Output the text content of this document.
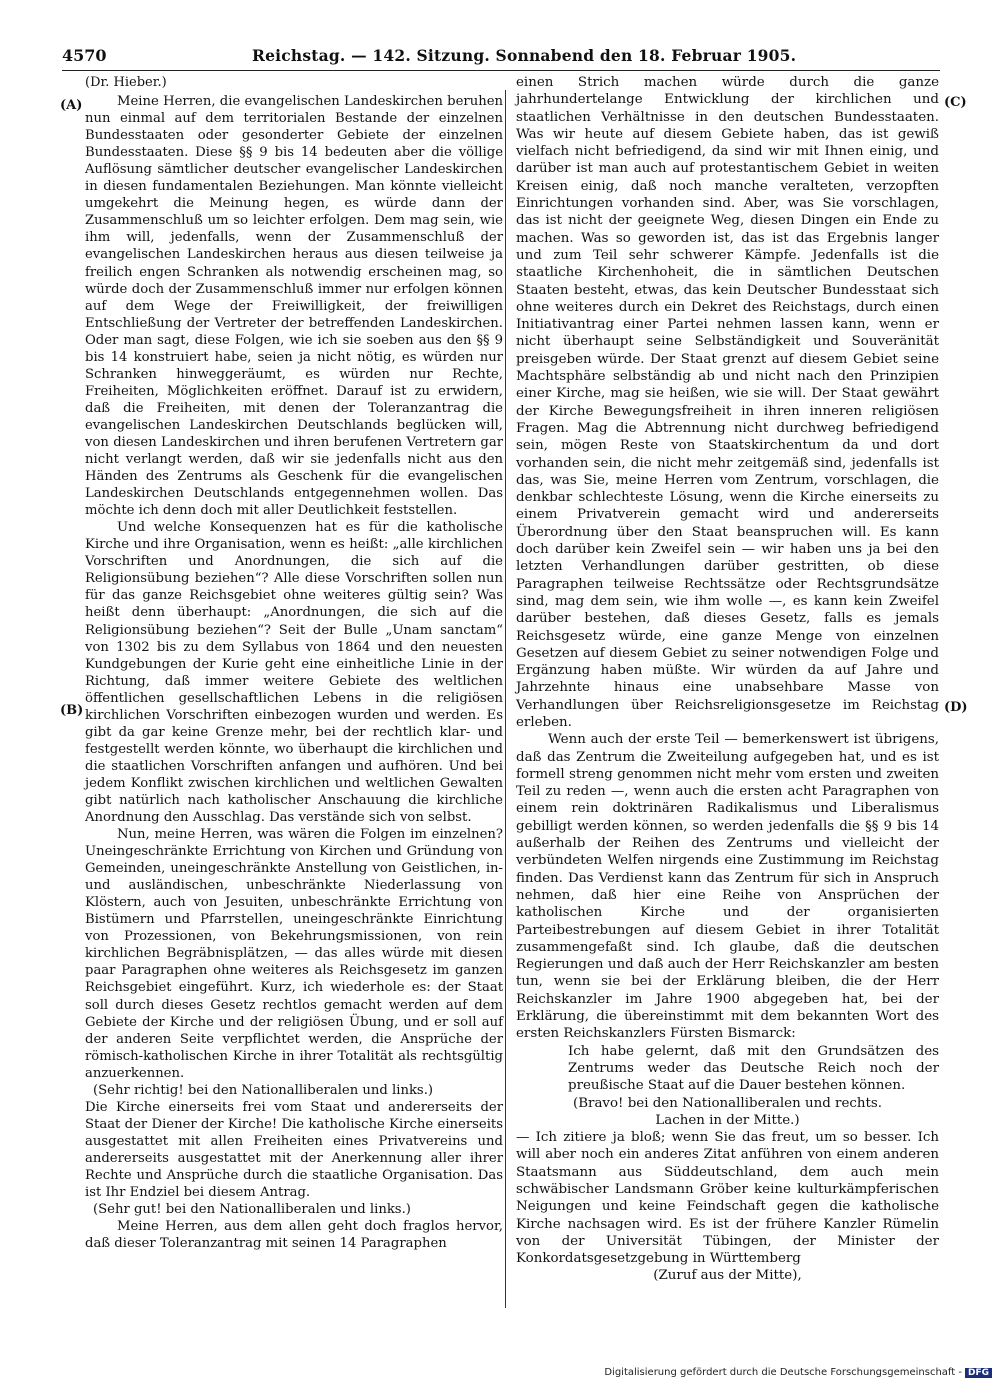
4570	Reichstag. — 142. Sitzung. Sonnabend den 18. Februar 1905.
(A)
(B)
(C)
(D)

(Dr. Hieber.)

Meine Herren, die evangelischen Landeskirchen beruhen nun einmal auf dem territorialen Bestande der einzelnen Bundesstaaten oder gesonderter Gebiete der einzelnen Bundesstaaten. Diese §§ 9 bis 14 bedeuten aber die völlige Auflösung sämtlicher deutscher evangelischer Landeskirchen in diesen fundamentalen Beziehungen. Man könnte vielleicht umgekehrt die Meinung hegen, es würde dann der Zusammenschluß um so leichter erfolgen. Dem mag sein, wie ihm will, jedenfalls, wenn der Zusammenschluß der evangelischen Landeskirchen heraus aus diesen teilweise ja freilich engen Schranken als notwendig erscheinen mag, so würde doch der Zusammenschluß immer nur erfolgen können auf dem Wege der Freiwilligkeit, der freiwilligen Entschließung der Vertreter der betreffenden Landeskirchen. Oder man sagt, diese Folgen, wie ich sie soeben aus den §§ 9 bis 14 konstruiert habe, seien ja nicht nötig, es würden nur Schranken hinweggeräumt, es würden nur Rechte, Freiheiten, Möglichkeiten eröffnet. Darauf ist zu erwidern, daß die Freiheiten, mit denen der Toleranzantrag die evangelischen Landeskirchen Deutschlands beglücken will, von diesen Landeskirchen und ihren berufenen Vertretern gar nicht verlangt werden, daß wir sie jedenfalls nicht aus den Händen des Zentrums als Geschenk für die evangelischen Landeskirchen Deutschlands entgegennehmen wollen. Das möchte ich denn doch mit aller Deutlichkeit feststellen.

Und welche Konsequenzen hat es für die katholische Kirche und ihre Organisation, wenn es heißt: „alle kirchlichen Vorschriften und Anordnungen, die sich auf die Religionsübung beziehen“? Alle diese Vorschriften sollen nun für das ganze Reichsgebiet ohne weiteres gültig sein? Was heißt denn überhaupt: „Anordnungen, die sich auf die Religionsübung beziehen“? Seit der Bulle „Unam sanctam“ von 1302 bis zu dem Syllabus von 1864 und den neuesten Kundgebungen der Kurie geht eine einheitliche Linie in der Richtung, daß immer weitere Gebiete des weltlichen öffentlichen gesellschaftlichen Lebens in die religiösen kirchlichen Vorschriften einbezogen wurden und werden. Es gibt da gar keine Grenze mehr, bei der rechtlich klar- und festgestellt werden könnte, wo überhaupt die kirchlichen und die staatlichen Vorschriften anfangen und aufhören. Und bei jedem Konflikt zwischen kirchlichen und weltlichen Gewalten gibt natürlich nach katholischer Anschauung die kirchliche Anordnung den Ausschlag. Das verstände sich von selbst.

Nun, meine Herren, was wären die Folgen im einzelnen? Uneingeschränkte Errichtung von Kirchen und Gründung von Gemeinden, uneingeschränkte Anstellung von Geistlichen, in- und ausländischen, unbeschränkte Niederlassung von Klöstern, auch von Jesuiten, unbeschränkte Errichtung von Bistümern und Pfarrstellen, uneingeschränkte Einrichtung von Prozessionen, von Bekehrungsmissionen, von rein kirchlichen Begräbnisplätzen, — das alles würde mit diesen paar Paragraphen ohne weiteres als Reichsgesetz im ganzen Reichsgebiet eingeführt. Kurz, ich wiederhole es: der Staat soll durch dieses Gesetz rechtlos gemacht werden auf dem Gebiete der Kirche und der religiösen Übung, und er soll auf der anderen Seite verpflichtet werden, die Ansprüche der römisch-katholischen Kirche in ihrer Totalität als rechtsgültig anzuerkennen.

(Sehr richtig! bei den Nationalliberalen und links.)

Die Kirche einerseits frei vom Staat und andererseits der Staat der Diener der Kirche! Die katholische Kirche einerseits ausgestattet mit allen Freiheiten eines Privatvereins und andererseits ausgestattet mit der Anerkennung aller ihrer Rechte und Ansprüche durch die staatliche Organisation. Das ist Ihr Endziel bei diesem Antrag.

(Sehr gut! bei den Nationalliberalen und links.)

Meine Herren, aus dem allen geht doch fraglos hervor, daß dieser Toleranzantrag mit seinen 14 Paragraphen

einen Strich machen würde durch die ganze jahrhundertelange Entwicklung der kirchlichen und staatlichen Verhältnisse in den deutschen Bundesstaaten. Was wir heute auf diesem Gebiete haben, das ist gewiß vielfach nicht befriedigend, da sind wir mit Ihnen einig, und darüber ist man auch auf protestantischem Gebiet in weiten Kreisen einig, daß noch manche veralteten, verzopften Einrichtungen vorhanden sind. Aber, was Sie vorschlagen, das ist nicht der geeignete Weg, diesen Dingen ein Ende zu machen. Was so geworden ist, das ist das Ergebnis langer und zum Teil sehr schwerer Kämpfe. Jedenfalls ist die staatliche Kirchenhoheit, die in sämtlichen Deutschen Staaten besteht, etwas, das kein Deutscher Bundesstaat sich ohne weiteres durch ein Dekret des Reichstags, durch einen Initiativantrag einer Partei nehmen lassen kann, wenn er nicht überhaupt seine Selbständigkeit und Souveränität preisgeben würde. Der Staat grenzt auf diesem Gebiet seine Machtsphäre selbständig ab und nicht nach den Prinzipien einer Kirche, mag sie heißen, wie sie will. Der Staat gewährt der Kirche Bewegungsfreiheit in ihren inneren religiösen Fragen. Mag die Abtrennung nicht durchweg befriedigend sein, mögen Reste von Staatskirchentum da und dort vorhanden sein, die nicht mehr zeitgemäß sind, jedenfalls ist das, was Sie, meine Herren vom Zentrum, vorschlagen, die denkbar schlechteste Lösung, wenn die Kirche einerseits zu einem Privatverein gemacht wird und andererseits Überordnung über den Staat beanspruchen will. Es kann doch darüber kein Zweifel sein — wir haben uns ja bei den letzten Verhandlungen darüber gestritten, ob diese Paragraphen teilweise Rechtssätze oder Rechtsgrundsätze sind, mag dem sein, wie ihm wolle —, es kann kein Zweifel darüber bestehen, daß dieses Gesetz, falls es jemals Reichsgesetz würde, eine ganze Menge von einzelnen Gesetzen auf diesem Gebiet zu seiner notwendigen Folge und Ergänzung haben müßte. Wir würden da auf Jahre und Jahrzehnte hinaus eine unabsehbare Masse von Verhandlungen über Reichsreligionsgesetze im Reichstag erleben.

Wenn auch der erste Teil — bemerkenswert ist übrigens, daß das Zentrum die Zweiteilung aufgegeben hat, und es ist formell streng genommen nicht mehr vom ersten und zweiten Teil zu reden —, wenn auch die ersten acht Paragraphen von einem rein doktrinären Radikalismus und Liberalismus gebilligt werden können, so werden jedenfalls die §§ 9 bis 14 außerhalb der Reihen des Zentrums und vielleicht der verbündeten Welfen nirgends eine Zustimmung im Reichstag finden. Das Verdienst kann das Zentrum für sich in Anspruch nehmen, daß hier eine Reihe von Ansprüchen der katholischen Kirche und der organisierten Parteibestrebungen auf diesem Gebiet in ihrer Totalität zusammengefaßt sind. Ich glaube, daß die deutschen Regierungen und daß auch der Herr Reichskanzler am besten tun, wenn sie bei der Erklärung bleiben, die der Herr Reichskanzler im Jahre 1900 abgegeben hat, bei der Erklärung, die übereinstimmt mit dem bekannten Wort des ersten Reichskanzlers Fürsten Bismarck:

Ich habe gelernt, daß mit den Grundsätzen des Zentrums weder das Deutsche Reich noch der preußische Staat auf die Dauer bestehen können.

(Bravo! bei den Nationalliberalen und rechts.

Lachen in der Mitte.)

— Ich zitiere ja bloß; wenn Sie das freut, um so besser. Ich will aber noch ein anderes Zitat anführen von einem anderen Staatsmann aus Süddeutschland, dem auch mein schwäbischer Landsmann Gröber keine kulturkämpferischen Neigungen und keine Feindschaft gegen die katholische Kirche nachsagen wird. Es ist der frühere Kanzler Rümelin von der Universität Tübingen, der Minister der Konkordatsgesetzgebung in Württemberg

(Zuruf aus der Mitte),

Digitalisierung gefördert durch die Deutsche Forschungsgemeinschaft - DFG
